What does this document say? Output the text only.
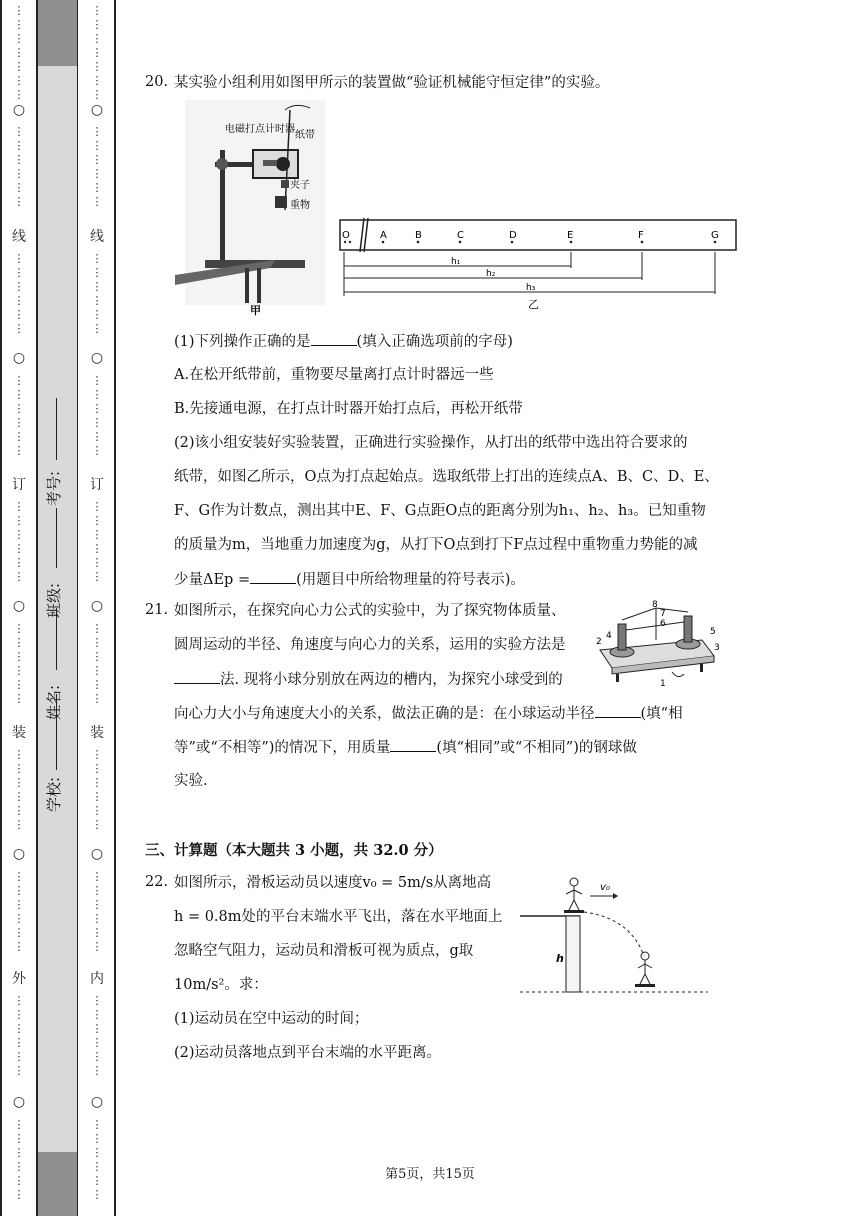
⋮
⋮
⋮
⋮
⋮
⋮
⋮
○
⋮
⋮
⋮
⋮
⋮
⋮
线
⋮
⋮
⋮
⋮
⋮
⋮
○
⋮
⋮
⋮
⋮
⋮
⋮
订
⋮
⋮
⋮
⋮
⋮
⋮
○
⋮
⋮
⋮
⋮
⋮
⋮
装
⋮
⋮
⋮
⋮
⋮
⋮
○
⋮
⋮
⋮
⋮
⋮
⋮
外
⋮
⋮
⋮
⋮
⋮
⋮
○
⋮
⋮
⋮
⋮
⋮
⋮
学校:
姓名:
班级:
考号:
⋮
⋮
⋮
⋮
⋮
⋮
⋮
○
⋮
⋮
⋮
⋮
⋮
⋮
线
⋮
⋮
⋮
⋮
⋮
⋮
○
⋮
⋮
⋮
⋮
⋮
⋮
订
⋮
⋮
⋮
⋮
⋮
⋮
○
⋮
⋮
⋮
⋮
⋮
⋮
装
⋮
⋮
⋮
⋮
⋮
⋮
○
⋮
⋮
⋮
⋮
⋮
⋮
内
⋮
⋮
⋮
⋮
⋮
⋮
○
⋮
⋮
⋮
⋮
⋮
⋮
20. 某实验小组利用如图甲所示的装置做“验证机械能守恒定律”的实验。
电磁打点计时器
纸带
夹子
重物
甲
O	A	B	C	D	E	F	G
h₁
h₂
h₃
乙
(1)下列操作正确的是	(填入正确选项前的字母)
A.在松开纸带前，重物要尽量离打点计时器远一些
B.先接通电源，在打点计时器开始打点后，再松开纸带
(2)该小组安装好实验装置，正确进行实验操作，从打出的纸带中选出符合要求的
纸带，如图乙所示，O点为打点起始点。选取纸带上打出的连续点A、B、C、D、E、
F、G作为计数点，测出其中E、F、G点距O点的距离分别为h₁、h₂、h₃。已知重物
的质量为m，当地重力加速度为g，从打下O点到打下F点过程中重物重力势能的减
少量ΔEp =	(用题目中所给物理量的符号表示)。
21. 如图所示，在探究向心力公式的实验中，为了探究物体质量、
圆周运动的半径、角速度与向心力的关系，运用的实验方法是
法. 现将小球分别放在两边的槽内，为探究小球受到的
向心力大小与角速度大小的关系，做法正确的是：在小球运动半径	(填“相
等”或“不相等”)的情况下，用质量	(填“相同”或“不相同”)的钢球做
实验.
8
7
6
2
4	5
3
1
三、计算题（本大题共 3 小题，共 32.0 分）
22. 如图所示，滑板运动员以速度v₀ = 5m/s从离地高
h = 0.8m处的平台末端水平飞出，落在水平地面上
忽略空气阻力，运动员和滑板可视为质点，g取
10m/s²。求：
(1)运动员在空中运动的时间；
(2)运动员落地点到平台末端的水平距离。
v₀
h
第5页，共15页
